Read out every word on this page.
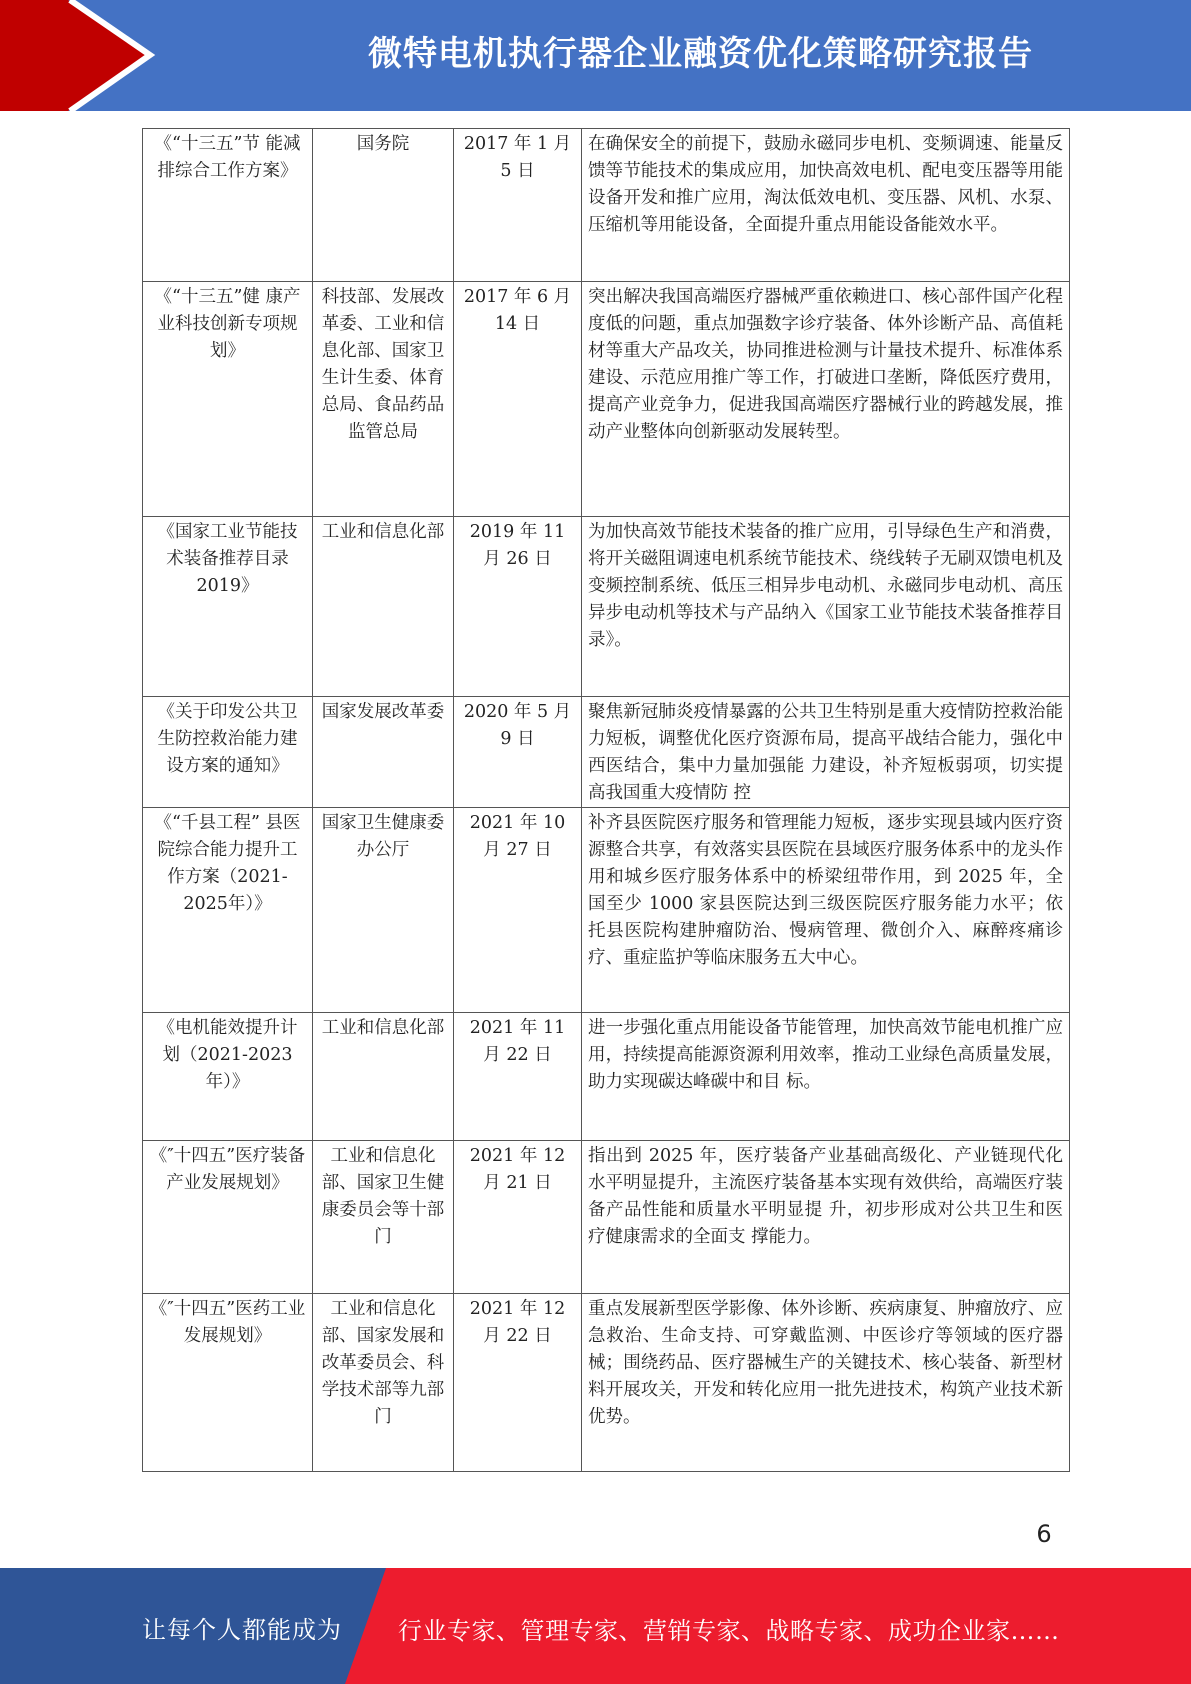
微特电机执行器企业融资优化策略研究报告
《“十三五”节 能减排综合工作方案》	国务院	2017 年 1 月 5 日	在确保安全的前提下，鼓励永磁同步电机、变频调速、能量反馈等节能技术的集成应用，加快高效电机、配电变压器等用能设备开发和推广应用，淘汰低效电机、变压器、风机、水泵、压缩机等用能设备，全面提升重点用能设备能效水平。
《“十三五”健 康产业科技创新专项规划》	科技部、发展改革委、工业和信息化部、国家卫生计生委、体育总局、食品药品监管总局	2017 年 6 月 14 日	突出解决我国高端医疗器械严重依赖进口、核心部件国产化程度低的问题，重点加强数字诊疗装备、体外诊断产品、高值耗材等重大产品攻关，协同推进检测与计量技术提升、标准体系建设、示范应用推广等工作，打破进口垄断，降低医疗费用，提高产业竞争力，促进我国高端医疗器械行业的跨越发展，推动产业整体向创新驱动发展转型。
《国家工业节能技术装备推荐目录 2019》	工业和信息化部	2019 年 11 月 26 日	为加快高效节能技术装备的推广应用，引导绿色生产和消费，将开关磁阻调速电机系统节能技术、绕线转子无刷双馈电机及变频控制系统、低压三相异步电动机、永磁同步电动机、高压异步电动机等技术与产品纳入《国家工业节能技术装备推荐目 录》。
《关于印发公共卫生防控救治能力建设方案的通知》	国家发展改革委	2020 年 5 月 9 日	聚焦新冠肺炎疫情暴露的公共卫生特别是重大疫情防控救治能力短板，调整优化医疗资源布局，提高平战结合能力，强化中西医结合，集中力量加强能 力建设，补齐短板弱项，切实提高我国重大疫情防 控
《“千县工程” 县医院综合能力提升工作方案（2021-2025年）》	国家卫生健康委办公厅	2021 年 10 月 27 日	补齐县医院医疗服务和管理能力短板，逐步实现县域内医疗资源整合共享，有效落实县医院在县域医疗服务体系中的龙头作用和城乡医疗服务体系中的桥梁纽带作用，到 2025 年，全国至少 1000 家县医院达到三级医院医疗服务能力水平；依托县医院构建肿瘤防治、慢病管理、微创介入、麻醉疼痛诊 疗、重症监护等临床服务五大中心。
《电机能效提升计划（2021-2023年）》	工业和信息化部	2021 年 11 月 22 日	进一步强化重点用能设备节能管理，加快高效节能电机推广应用，持续提高能源资源利用效率，推动工业绿色高质量发展，助力实现碳达峰碳中和目 标。
《″十四五”医疗装备产业发展规划》	工业和信息化部、国家卫生健康委员会等十部门	2021 年 12 月 21 日	指出到 2025 年，医疗装备产业基础高级化、产业链现代化水平明显提升，主流医疗装备基本实现有效供给，高端医疗装备产品性能和质量水平明显提 升，初步形成对公共卫生和医疗健康需求的全面支 撑能力。
《″十四五”医药工业发展规划》	工业和信息化部、国家发展和改革委员会、科学技术部等九部门	2021 年 12 月 22 日	重点发展新型医学影像、体外诊断、疾病康复、肿瘤放疗、应急救治、生命支持、可穿戴监测、中医诊疗等领域的医疗器械；围绕药品、医疗器械生产的关键技术、核心装备、新型材料开展攻关，开发和转化应用一批先进技术，构筑产业技术新优势。
6
让每个人都能成为 行业专家、管理专家、营销专家、战略专家、成功企业家……
